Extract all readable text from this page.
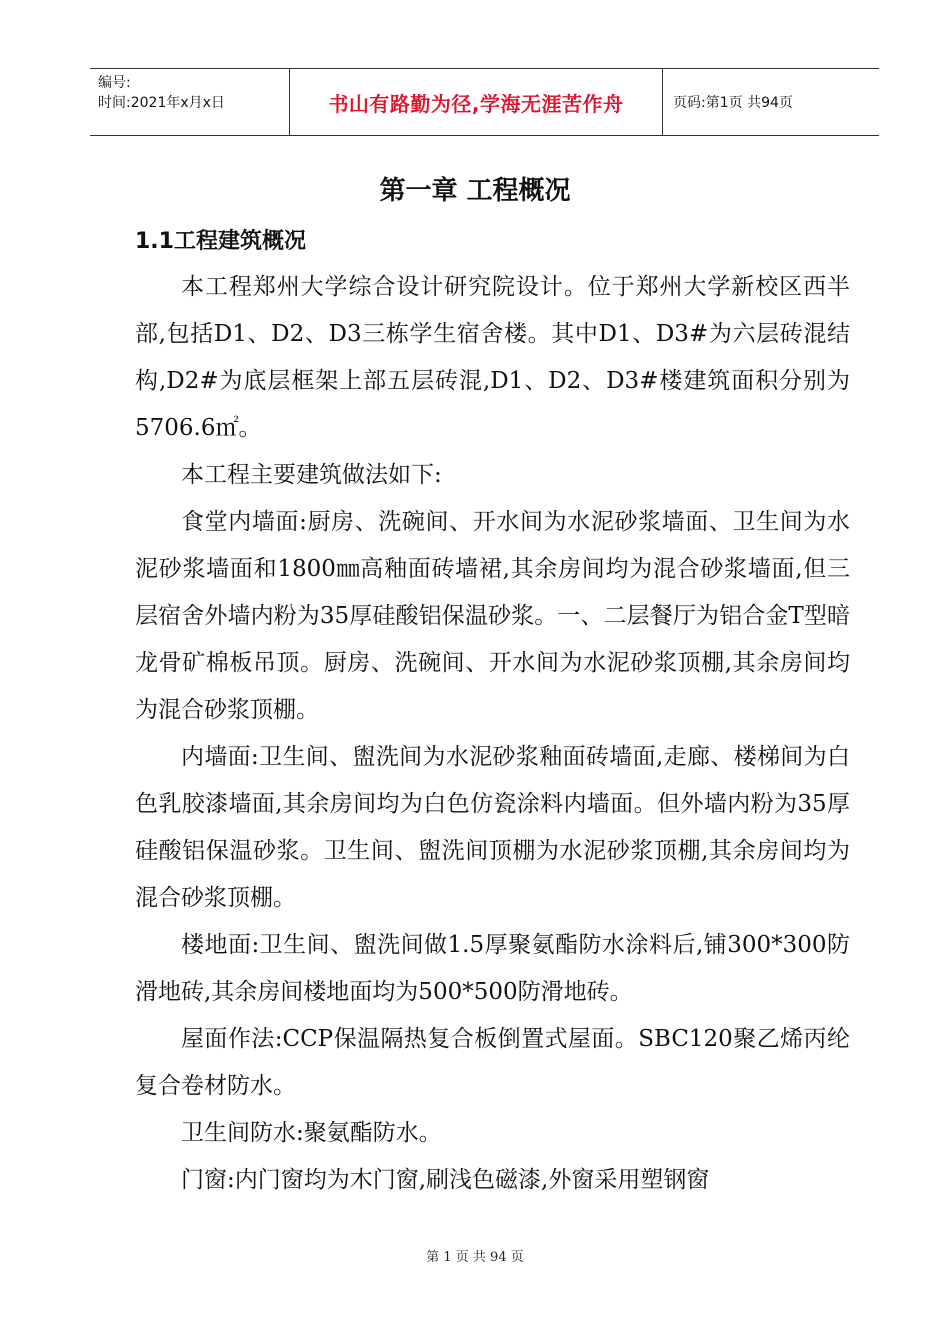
编号:
时间:2021年x月x日	书山有路勤为径,学海无涯苦作舟	页码:第1页 共94页
第一章 工程概况
1.1工程建筑概况

本工程郑州大学综合设计研究院设计。位于郑州大学新校区西半部,包括D1、D2、D3三栋学生宿舍楼。其中D1、D3#为六层砖混结构,D2#为底层框架上部五层砖混,D1、D2、D3#楼建筑面积分别为5706.6㎡。

本工程主要建筑做法如下:

食堂内墙面:厨房、洗碗间、开水间为水泥砂浆墙面、卫生间为水泥砂浆墙面和1800㎜高釉面砖墙裙,其余房间均为混合砂浆墙面,但三层宿舍外墙内粉为35厚硅酸铝保温砂浆。一、二层餐厅为铝合金T型暗龙骨矿棉板吊顶。厨房、洗碗间、开水间为水泥砂浆顶棚,其余房间均为混合砂浆顶棚。

内墙面:卫生间、盥洗间为水泥砂浆釉面砖墙面,走廊、楼梯间为白色乳胶漆墙面,其余房间均为白色仿瓷涂料内墙面。但外墙内粉为35厚硅酸铝保温砂浆。卫生间、盥洗间顶棚为水泥砂浆顶棚,其余房间均为混合砂浆顶棚。

楼地面:卫生间、盥洗间做1.5厚聚氨酯防水涂料后,铺300*300防滑地砖,其余房间楼地面均为500*500防滑地砖。

屋面作法:CCP保温隔热复合板倒置式屋面。SBC120聚乙烯丙纶复合卷材防水。

卫生间防水:聚氨酯防水。

门窗:内门窗均为木门窗,刷浅色磁漆,外窗采用塑钢窗

第 1 页 共 94 页
